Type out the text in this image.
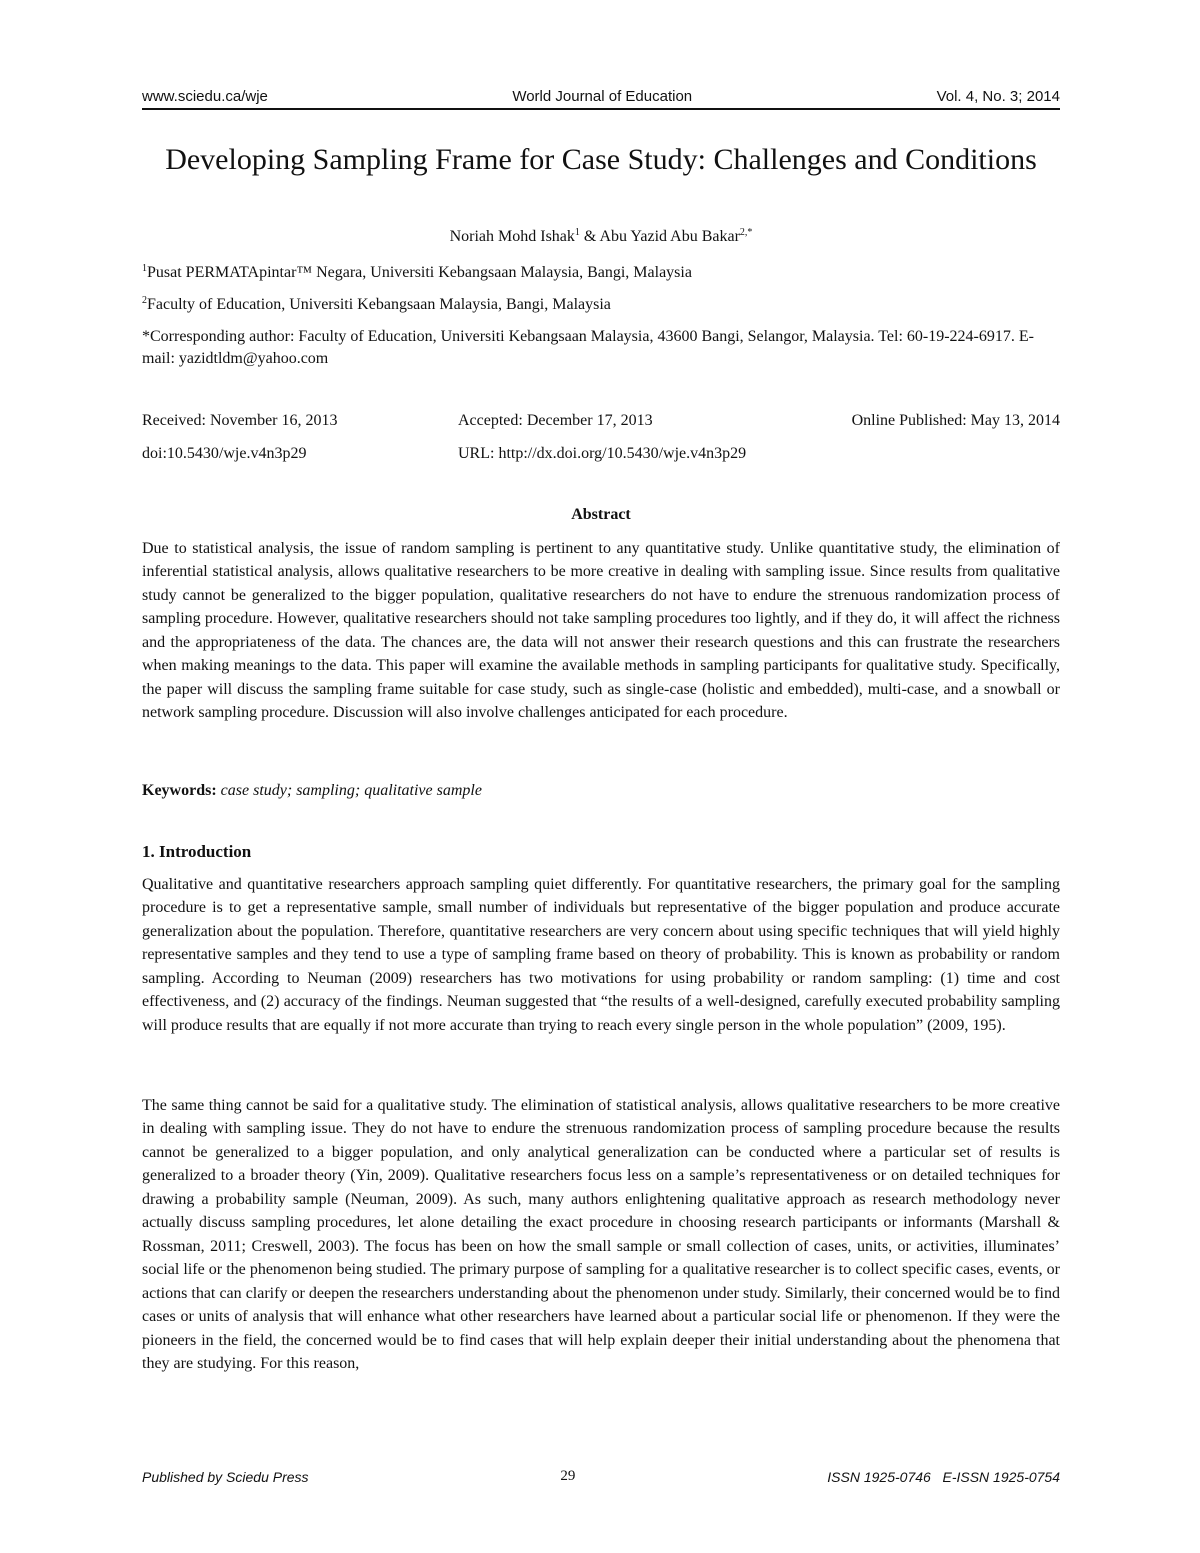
www.sciedu.ca/wje	World Journal of Education	Vol. 4, No. 3; 2014
Developing Sampling Frame for Case Study: Challenges and Conditions
Noriah Mohd Ishak$^1$ & Abu Yazid Abu Bakar$^{2,*}$
$^1$Pusat PERMATApintar™ Negara, Universiti Kebangsaan Malaysia, Bangi, Malaysia
$^2$Faculty of Education, Universiti Kebangsaan Malaysia, Bangi, Malaysia
*Corresponding author: Faculty of Education, Universiti Kebangsaan Malaysia, 43600 Bangi, Selangor, Malaysia. Tel: 60-19-224-6917. E-mail: yazidtldm@yahoo.com
Received: November 16, 2013	Accepted: December 17, 2013	Online Published: May 13, 2014
doi:10.5430/wje.v4n3p29	URL: http://dx.doi.org/10.5430/wje.v4n3p29
Abstract

Due to statistical analysis, the issue of random sampling is pertinent to any quantitative study. Unlike quantitative study, the elimination of inferential statistical analysis, allows qualitative researchers to be more creative in dealing with sampling issue. Since results from qualitative study cannot be generalized to the bigger population, qualitative researchers do not have to endure the strenuous randomization process of sampling procedure. However, qualitative researchers should not take sampling procedures too lightly, and if they do, it will affect the richness and the appropriateness of the data. The chances are, the data will not answer their research questions and this can frustrate the researchers when making meanings to the data. This paper will examine the available methods in sampling participants for qualitative study. Specifically, the paper will discuss the sampling frame suitable for case study, such as single-case (holistic and embedded), multi-case, and a snowball or network sampling procedure. Discussion will also involve challenges anticipated for each procedure.

Keywords: case study; sampling; qualitative sample
1. Introduction

Qualitative and quantitative researchers approach sampling quiet differently. For quantitative researchers, the primary goal for the sampling procedure is to get a representative sample, small number of individuals but representative of the bigger population and produce accurate generalization about the population. Therefore, quantitative researchers are very concern about using specific techniques that will yield highly representative samples and they tend to use a type of sampling frame based on theory of probability. This is known as probability or random sampling. According to Neuman (2009) researchers has two motivations for using probability or random sampling: (1) time and cost effectiveness, and (2) accuracy of the findings. Neuman suggested that “the results of a well-designed, carefully executed probability sampling will produce results that are equally if not more accurate than trying to reach every single person in the whole population” (2009, 195).

The same thing cannot be said for a qualitative study. The elimination of statistical analysis, allows qualitative researchers to be more creative in dealing with sampling issue. They do not have to endure the strenuous randomization process of sampling procedure because the results cannot be generalized to a bigger population, and only analytical generalization can be conducted where a particular set of results is generalized to a broader theory (Yin, 2009). Qualitative researchers focus less on a sample’s representativeness or on detailed techniques for drawing a probability sample (Neuman, 2009). As such, many authors enlightening qualitative approach as research methodology never actually discuss sampling procedures, let alone detailing the exact procedure in choosing research participants or informants (Marshall & Rossman, 2011; Creswell, 2003). The focus has been on how the small sample or small collection of cases, units, or activities, illuminates’ social life or the phenomenon being studied. The primary purpose of sampling for a qualitative researcher is to collect specific cases, events, or actions that can clarify or deepen the researchers understanding about the phenomenon under study. Similarly, their concerned would be to find cases or units of analysis that will enhance what other researchers have learned about a particular social life or phenomenon. If they were the pioneers in the field, the concerned would be to find cases that will help explain deeper their initial understanding about the phenomena that they are studying. For this reason,

Published by Sciedu Press	29	ISSN 1925-0746   E-ISSN 1925-0754
